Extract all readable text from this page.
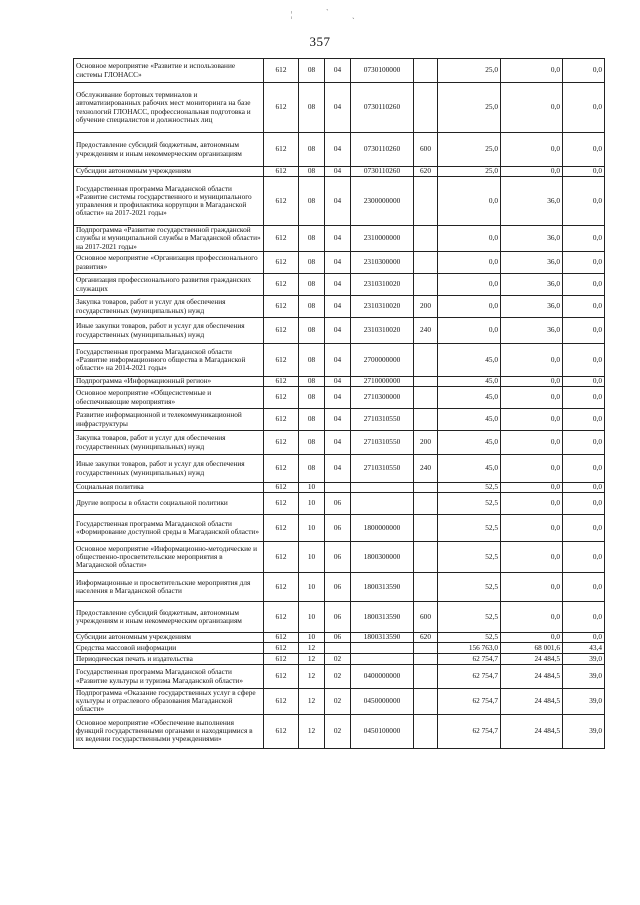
¦	ˋ	ˏ
357
Основное мероприятие «Развитие и использование системы ГЛОНАСС»	612	08	04	0730100000		25,0	0,0	0,0
Обслуживание бортовых терминалов и автоматизированных рабочих мест мониторинга на базе технологий ГЛОНАСС, профессиональная подготовка и обучение специалистов и должностных лиц	612	08	04	0730110260		25,0	0,0	0,0
Предоставление субсидий бюджетным, автономным учреждениям и иным некоммерческим организациям	612	08	04	0730110260	600	25,0	0,0	0,0
Субсидии автономным учреждениям	612	08	04	0730110260	620	25,0	0,0	0,0
Государственная программа Магаданской области «Развитие системы государственного и муниципального управления и профилактика коррупции в Магаданской области» на 2017-2021 годы»	612	08	04	2300000000		0,0	36,0	0,0
Подпрограмма «Развитие государственной гражданской службы и муниципальной службы в Магаданской области» на 2017-2021 годы»	612	08	04	2310000000		0,0	36,0	0,0
Основное мероприятие «Организация профессионального развития»	612	08	04	2310300000		0,0	36,0	0,0
Организация профессионального развития гражданских служащих	612	08	04	2310310020		0,0	36,0	0,0
Закупка товаров, работ и услуг для обеспечения государственных (муниципальных) нужд	612	08	04	2310310020	200	0,0	36,0	0,0
Иные закупки товаров, работ и услуг для обеспечения государственных (муниципальных) нужд	612	08	04	2310310020	240	0,0	36,0	0,0
Государственная программа Магаданской области «Развитие информационного общества в Магаданской области» на 2014-2021 годы»	612	08	04	2700000000		45,0	0,0	0,0
Подпрограмма «Информационный регион»	612	08	04	2710000000		45,0	0,0	0,0
Основное мероприятие «Общесистемные и обеспечивающие мероприятия»	612	08	04	2710300000		45,0	0,0	0,0
Развитие информационной и телекоммуникационной инфраструктуры	612	08	04	2710310550		45,0	0,0	0,0
Закупка товаров, работ и услуг для обеспечения государственных (муниципальных) нужд	612	08	04	2710310550	200	45,0	0,0	0,0
Иные закупки товаров, работ и услуг для обеспечения государственных (муниципальных) нужд	612	08	04	2710310550	240	45,0	0,0	0,0
Социальная политика	612	10				52,5	0,0	0,0
Другие вопросы в области социальной политики	612	10	06			52,5	0,0	0,0
Государственная программа Магаданской области «Формирование доступной среды в Магаданской области»	612	10	06	1800000000		52,5	0,0	0,0
Основное мероприятие «Информационно-методические и общественно-просветительские мероприятия в Магаданской области»	612	10	06	1800300000		52,5	0,0	0,0
Информационные и просветительские мероприятия для населения в Магаданской области	612	10	06	1800313590		52,5	0,0	0,0
Предоставление субсидий бюджетным, автономным учреждениям и иным некоммерческим организациям	612	10	06	1800313590	600	52,5	0,0	0,0
Субсидии автономным учреждениям	612	10	06	1800313590	620	52,5	0,0	0,0
Средства массовой информации	612	12				156 763,0	68 001,6	43,4
Периодическая печать и издательства	612	12	02			62 754,7	24 484,5	39,0
Государственная программа Магаданской области «Развитие культуры и туризма Магаданской области»	612	12	02	0400000000		62 754,7	24 484,5	39,0
Подпрограмма «Оказание государственных услуг в сфере культуры и отраслевого образования Магаданской области»	612	12	02	0450000000		62 754,7	24 484,5	39,0
Основное мероприятие «Обеспечение выполнения функций государственными органами и находящимися в их ведении государственными учреждениями»	612	12	02	0450100000		62 754,7	24 484,5	39,0
